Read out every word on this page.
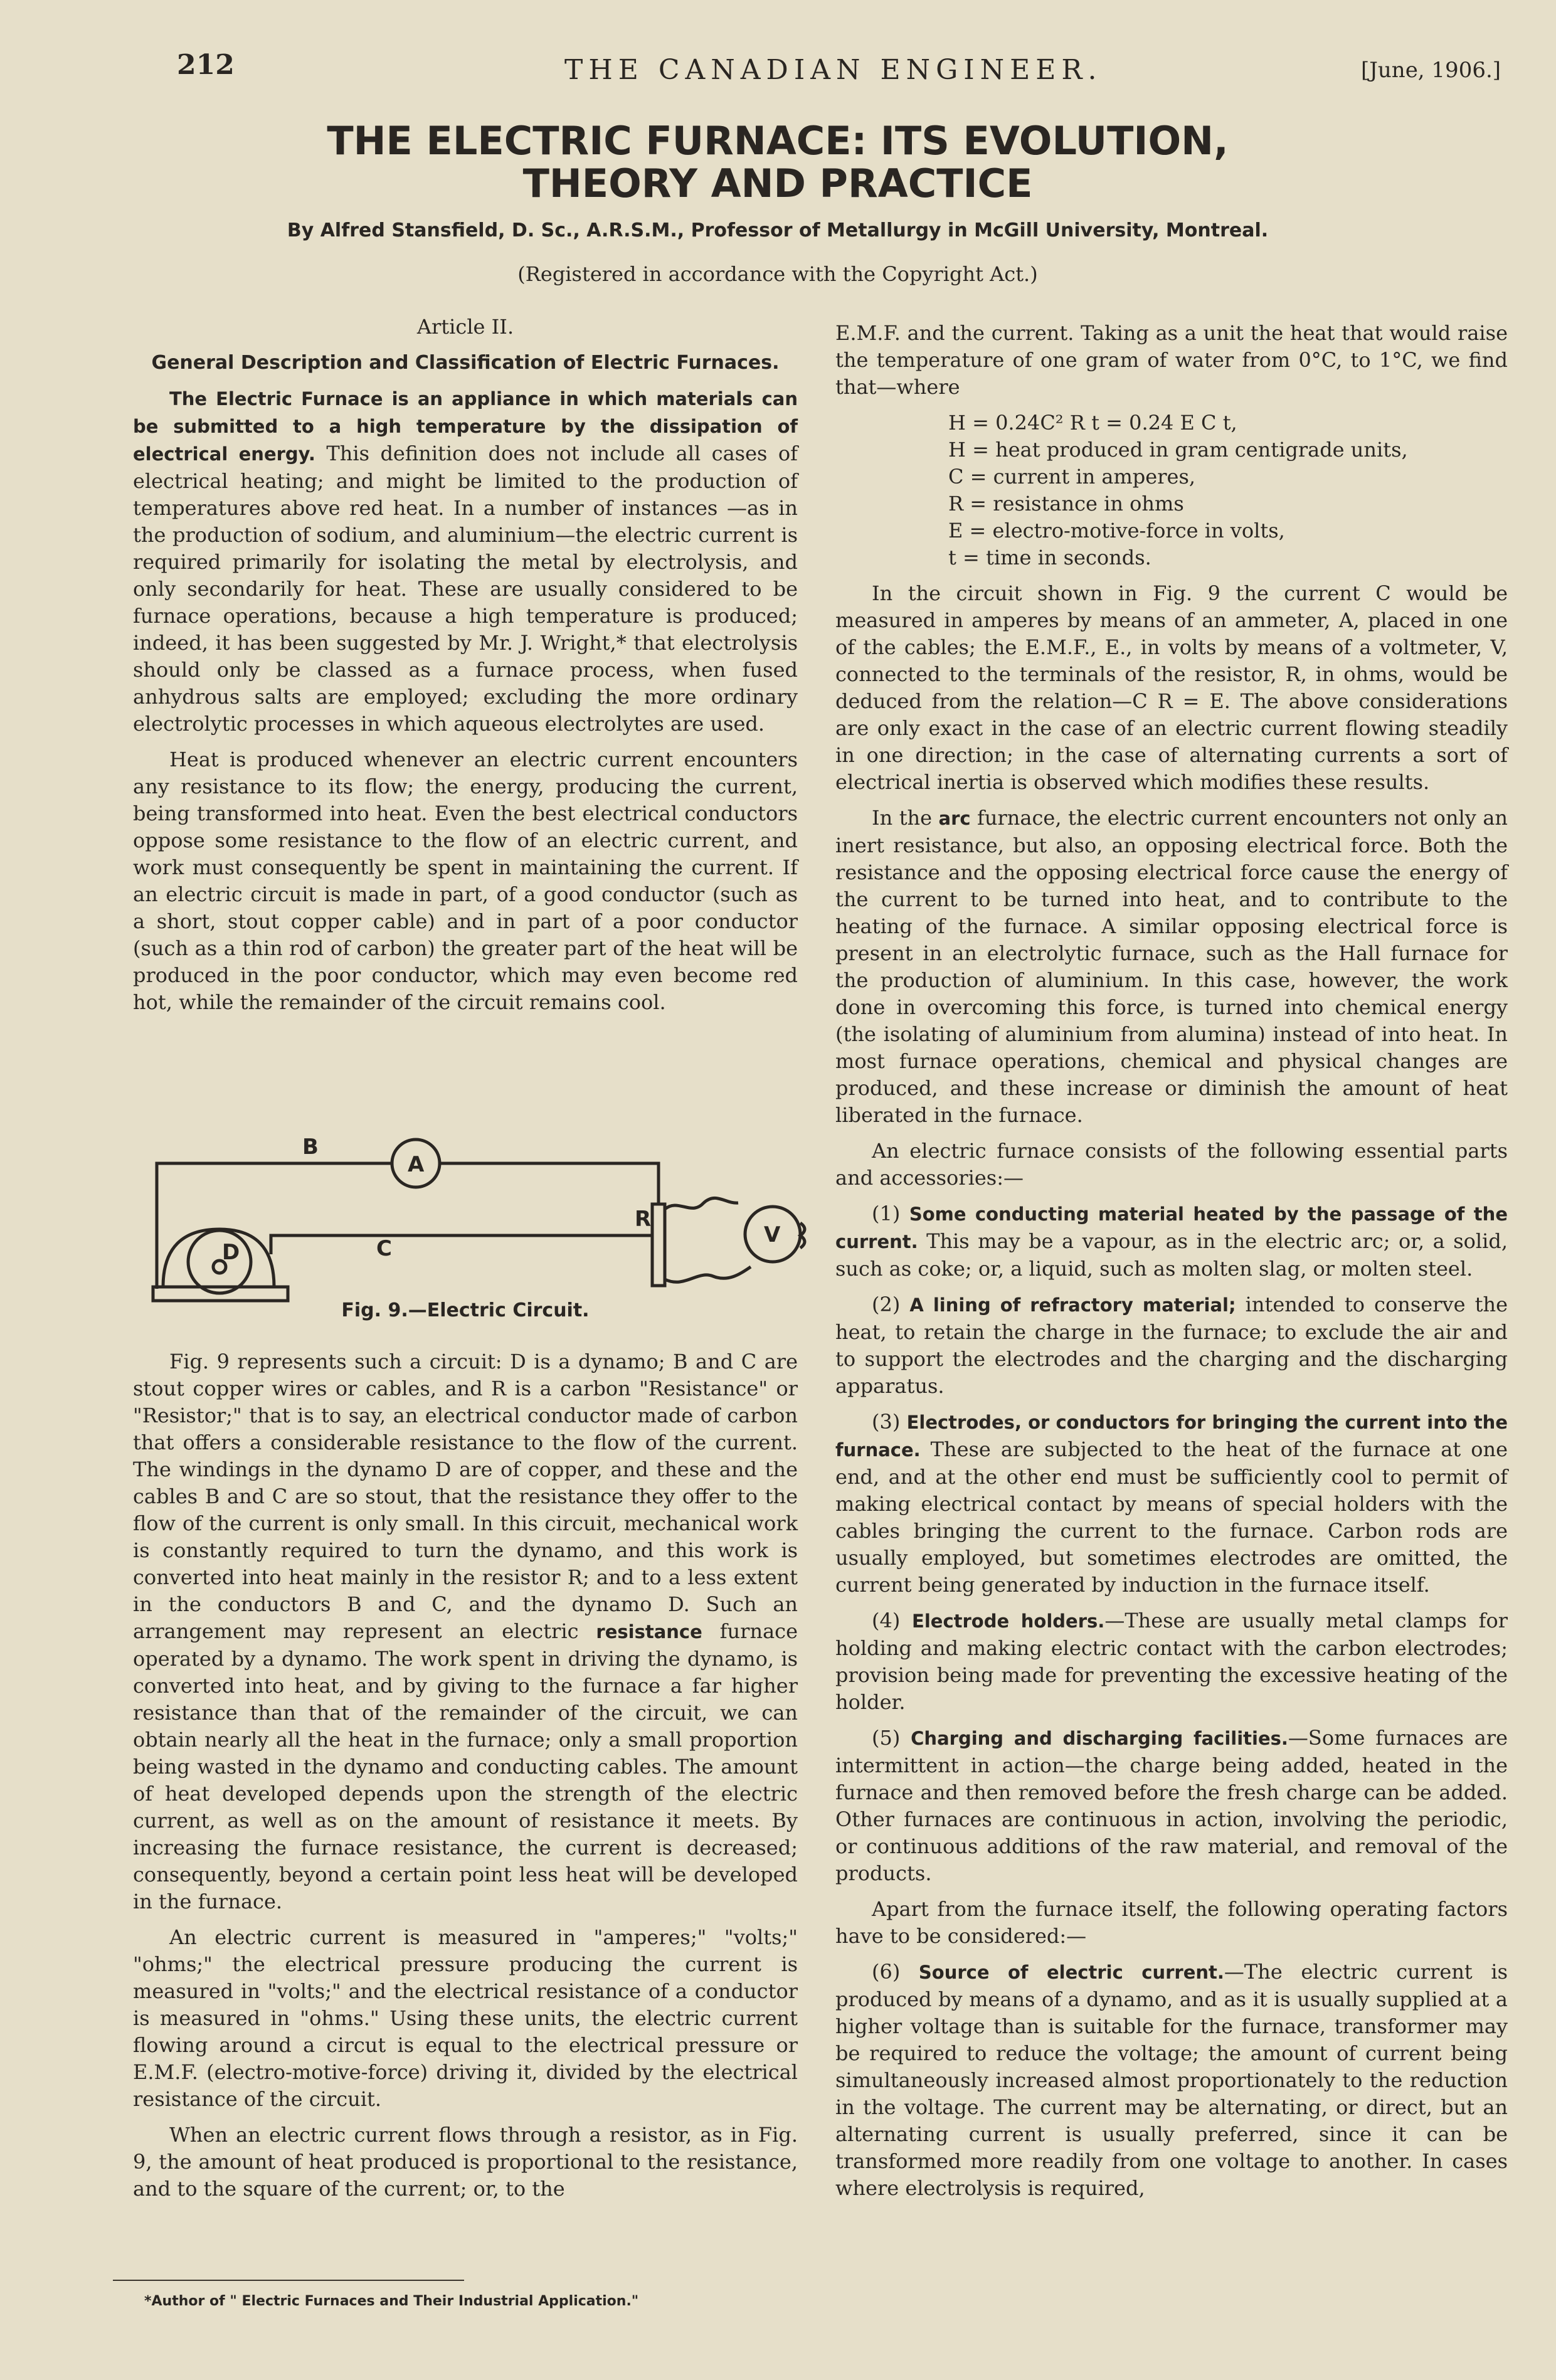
212	THE CANADIAN ENGINEER.	[June, 1906.]
THE ELECTRIC FURNACE: ITS EVOLUTION,
THEORY AND PRACTICE
By Alfred Stansfield, D. Sc., A.R.S.M., Professor of Metallurgy in McGill University, Montreal.
(Registered in accordance with the Copyright Act.)

Article II.

General Description and Classification of Electric Furnaces.

The Electric Furnace is an appliance in which materials can be submitted to a high temperature by the dissipation of electrical energy. This definition does not include all cases of electrical heating; and might be limited to the production of temperatures above red heat. In a number of instances —as in the production of sodium, and aluminium—the electric current is required primarily for isolating the metal by electrolysis, and only secondarily for heat. These are usually considered to be furnace operations, because a high temperature is produced; indeed, it has been suggested by Mr. J. Wright,* that electrolysis should only be classed as a furnace process, when fused anhydrous salts are employed; excluding the more ordinary electrolytic processes in which aqueous electrolytes are used.

Heat is produced whenever an electric current encounters any resistance to its flow; the energy, producing the current, being transformed into heat. Even the best electrical conductors oppose some resistance to the flow of an electric current, and work must consequently be spent in maintaining the current. If an electric circuit is made in part, of a good conductor (such as a short, stout copper cable) and in part of a poor conductor (such as a thin rod of carbon) the greater part of the heat will be produced in the poor conductor, which may even become red hot, while the remainder of the circuit remains cool.

B
A
D	C
R
V
Fig. 9.—Electric Circuit.

Fig. 9 represents such a circuit: D is a dynamo; B and C are stout copper wires or cables, and R is a carbon "Resistance" or "Resistor;" that is to say, an electrical conductor made of carbon that offers a considerable resistance to the flow of the current. The windings in the dynamo D are of copper, and these and the cables B and C are so stout, that the resistance they offer to the flow of the current is only small. In this circuit, mechanical work is constantly required to turn the dynamo, and this work is converted into heat mainly in the resistor R; and to a less extent in the conductors B and C, and the dynamo D. Such an arrangement may represent an electric resistance furnace operated by a dynamo. The work spent in driving the dynamo, is converted into heat, and by giving to the furnace a far higher resistance than that of the remainder of the circuit, we can obtain nearly all the heat in the furnace; only a small proportion being wasted in the dynamo and conducting cables. The amount of heat developed depends upon the strength of the electric current, as well as on the amount of resistance it meets. By increasing the furnace resistance, the current is decreased; consequently, beyond a certain point less heat will be developed in the furnace.

An electric current is measured in "amperes;" "volts;" "ohms;" the electrical pressure producing the current is measured in "volts;" and the electrical resistance of a conductor is measured in "ohms." Using these units, the electric current flowing around a circut is equal to the electrical pressure or E.M.F. (electro-motive-force) driving it, divided by the electrical resistance of the circuit.

When an electric current flows through a resistor, as in Fig. 9, the amount of heat produced is proportional to the resistance, and to the square of the current; or, to the

*Author of " Electric Furnaces and Their Industrial Application."

E.M.F. and the current. Taking as a unit the heat that would raise the temperature of one gram of water from 0°C, to 1°C, we find that—where

H = 0.24C² R t = 0.24 E C t,

H = heat produced in gram centigrade units,

C = current in amperes,

R = resistance in ohms

E = electro-motive-force in volts,

t = time in seconds.

In the circuit shown in Fig. 9 the current C would be measured in amperes by means of an ammeter, A, placed in one of the cables; the E.M.F., E., in volts by means of a voltmeter, V, connected to the terminals of the resistor, R, in ohms, would be deduced from the relation—C R = E. The above considerations are only exact in the case of an electric current flowing steadily in one direction; in the case of alternating currents a sort of electrical inertia is observed which modifies these results.

In the arc furnace, the electric current encounters not only an inert resistance, but also, an opposing electrical force. Both the resistance and the opposing electrical force cause the energy of the current to be turned into heat, and to contribute to the heating of the furnace. A similar opposing electrical force is present in an electrolytic furnace, such as the Hall furnace for the production of aluminium. In this case, however, the work done in overcoming this force, is turned into chemical energy (the isolating of aluminium from alumina) instead of into heat. In most furnace operations, chemical and physical changes are produced, and these increase or diminish the amount of heat liberated in the furnace.

An electric furnace consists of the following essential parts and accessories:—

(1) Some conducting material heated by the passage of the current. This may be a vapour, as in the electric arc; or, a solid, such as coke; or, a liquid, such as molten slag, or molten steel.

(2) A lining of refractory material; intended to conserve the heat, to retain the charge in the furnace; to exclude the air and to support the electrodes and the charging and the discharging apparatus.

(3) Electrodes, or conductors for bringing the current into the furnace. These are subjected to the heat of the furnace at one end, and at the other end must be sufficiently cool to permit of making electrical contact by means of special holders with the cables bringing the current to the furnace. Carbon rods are usually employed, but sometimes electrodes are omitted, the current being generated by induction in the furnace itself.

(4) Electrode holders.—These are usually metal clamps for holding and making electric contact with the carbon electrodes; provision being made for preventing the excessive heating of the holder.

(5) Charging and discharging facilities.—Some furnaces are intermittent in action—the charge being added, heated in the furnace and then removed before the fresh charge can be added. Other furnaces are continuous in action, involving the periodic, or continuous additions of the raw material, and removal of the products.

Apart from the furnace itself, the following operating factors have to be considered:—

(6) Source of electric current.—The electric current is produced by means of a dynamo, and as it is usually supplied at a higher voltage than is suitable for the furnace, transformer may be required to reduce the voltage; the amount of current being simultaneously increased almost proportionately to the reduction in the voltage. The current may be alternating, or direct, but an alternating current is usually preferred, since it can be transformed more readily from one voltage to another. In cases where electrolysis is required,
